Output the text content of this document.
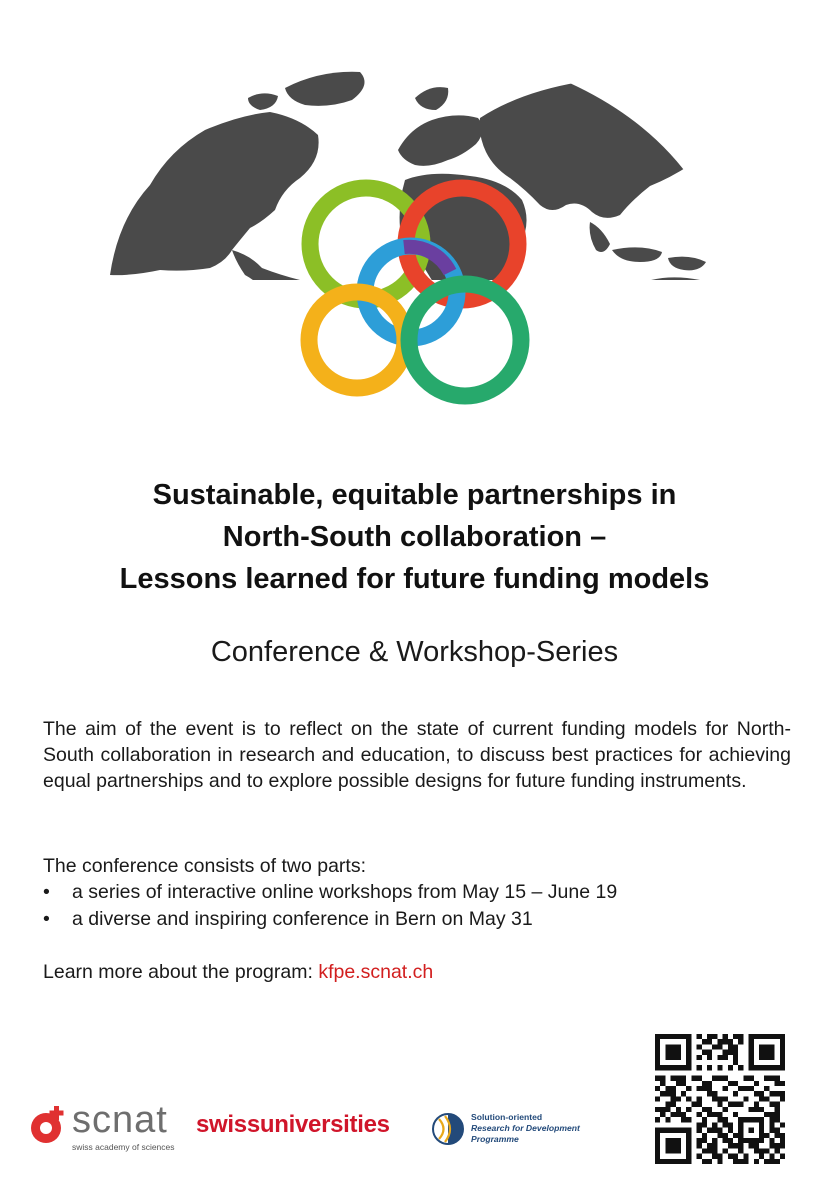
Sustainable, equitable partnerships in
North-South collaboration –
Lessons learned for future funding models
Conference & Workshop-Series
The aim of the event is to reflect on the state of current funding models for North-South collaboration in research and education, to discuss best practices for achieving equal partnerships and to explore possible designs for future funding instruments.
The conference consists of two parts:
• a series of interactive online workshops from May 15 – June 19
• a diverse and inspiring conference in Bern on May 31
Learn more about the program: kfpe.scnat.ch
scnat
swiss academy of sciences
swissuniversities	Solution-oriented
Research for Development
Programme
